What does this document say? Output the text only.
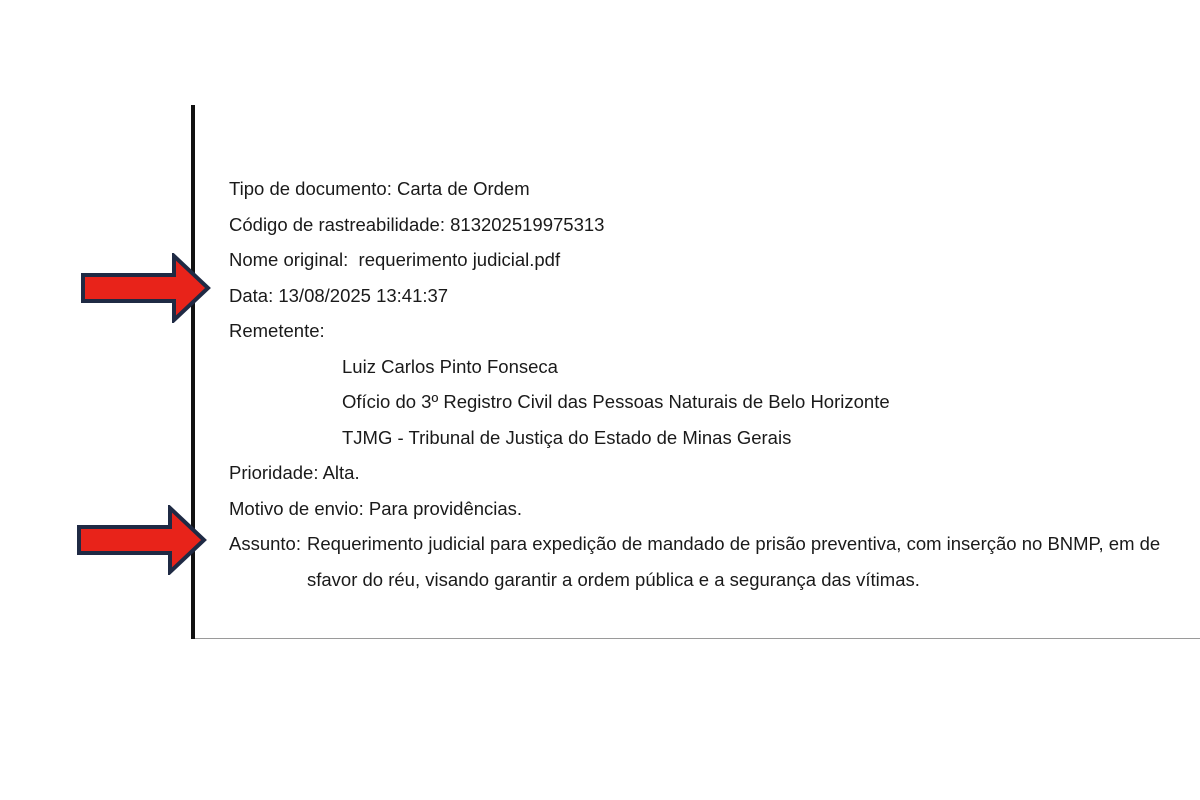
Tipo de documento: Carta de Ordem
Código de rastreabilidade: 813202519975313
Nome original:  requerimento judicial.pdf
Data: 13/08/2025 13:41:37
Remetente:
Luiz Carlos Pinto Fonseca
Ofício do 3º Registro Civil das Pessoas Naturais de Belo Horizonte
TJMG - Tribunal de Justiça do Estado de Minas Gerais
Prioridade: Alta.
Motivo de envio: Para providências.
Assunto: Requerimento judicial para expedição de mandado de prisão preventiva, com inserção no BNMP, em desfavor do réu, visando garantir a ordem pública e a segurança das vítimas.
